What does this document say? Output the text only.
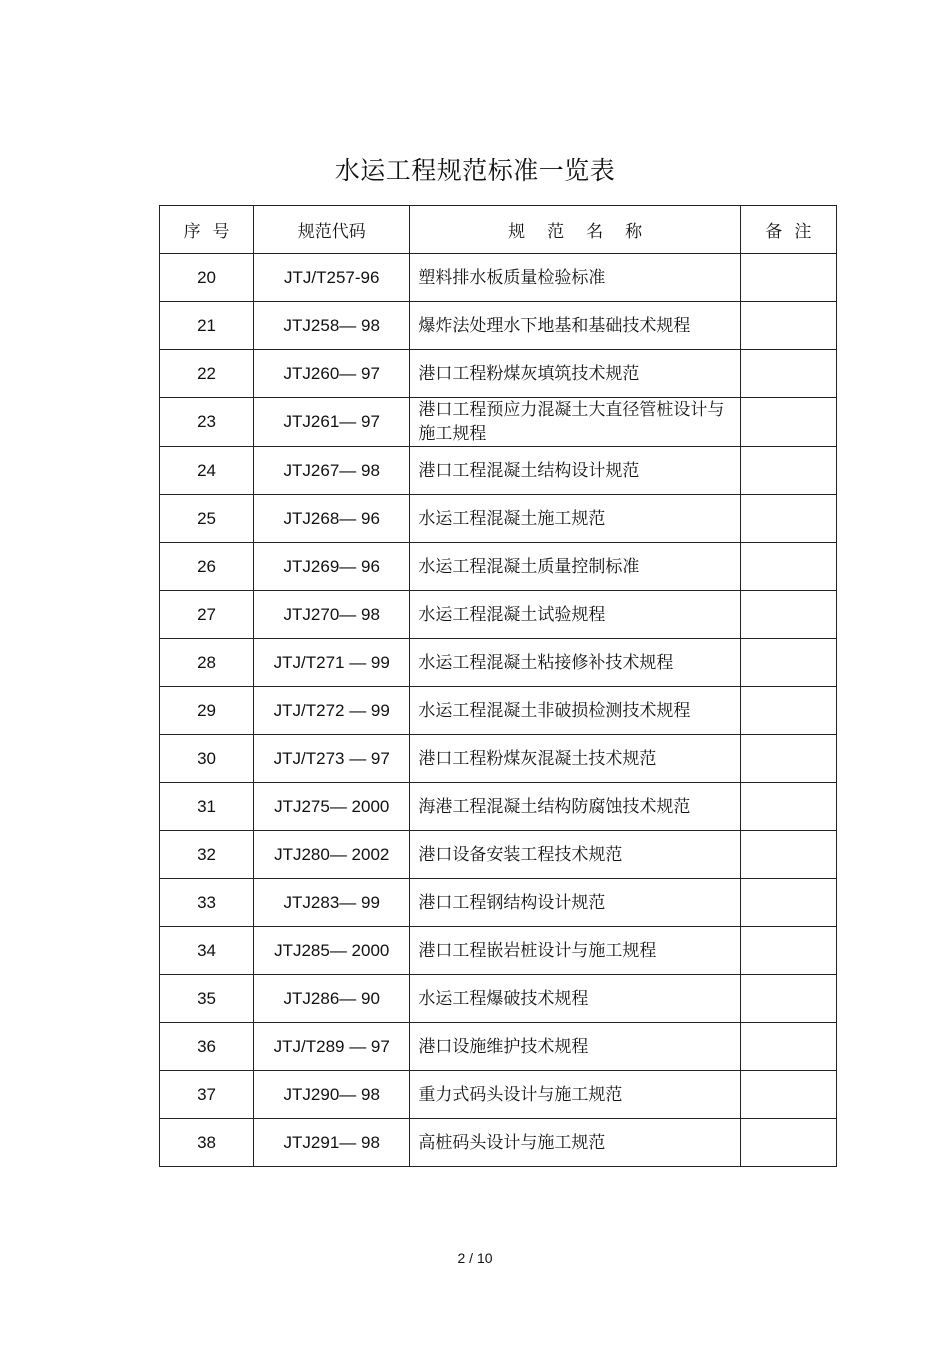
水运工程规范标准一览表
序号	规范代码	规范名称	备注
20	JTJ/T257-96	塑料排水板质量检验标准	
21	JTJ258— 98	爆炸法处理水下地基和基础技术规程	
22	JTJ260— 97	港口工程粉煤灰填筑技术规范	
23	JTJ261— 97	港口工程预应力混凝土大直径管桩设计与施工规程	
24	JTJ267— 98	港口工程混凝土结构设计规范	
25	JTJ268— 96	水运工程混凝土施工规范	
26	JTJ269— 96	水运工程混凝土质量控制标准	
27	JTJ270— 98	水运工程混凝土试验规程	
28	JTJ/T271 — 99	水运工程混凝土粘接修补技术规程	
29	JTJ/T272 — 99	水运工程混凝土非破损检测技术规程	
30	JTJ/T273 — 97	港口工程粉煤灰混凝土技术规范	
31	JTJ275— 2000	海港工程混凝土结构防腐蚀技术规范	
32	JTJ280— 2002	港口设备安装工程技术规范	
33	JTJ283— 99	港口工程钢结构设计规范	
34	JTJ285— 2000	港口工程嵌岩桩设计与施工规程	
35	JTJ286— 90	水运工程爆破技术规程	
36	JTJ/T289 — 97	港口设施维护技术规程	
37	JTJ290— 98	重力式码头设计与施工规范	
38	JTJ291— 98	高桩码头设计与施工规范	
2 / 10
